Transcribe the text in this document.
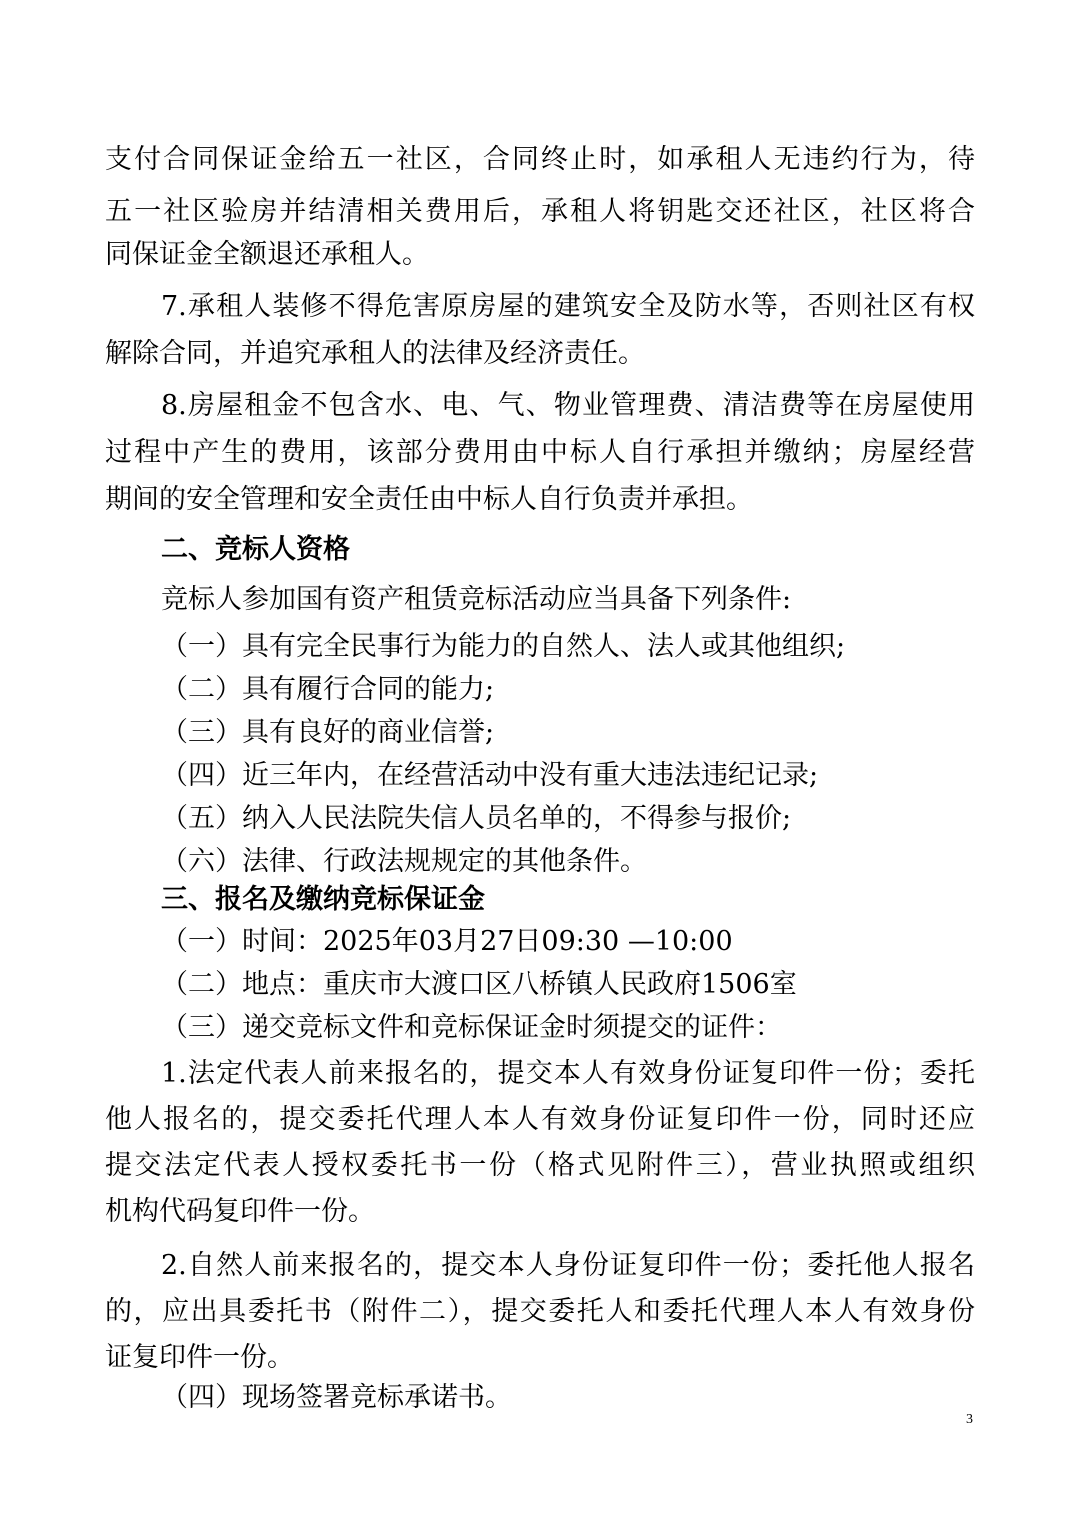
支付合同保证金给五一社区，合同终止时，如承租人无违约行为，待
五一社区验房并结清相关费用后，承租人将钥匙交还社区，社区将合
同保证金全额退还承租人。
7.承租人装修不得危害原房屋的建筑安全及防水等，否则社区有权
解除合同，并追究承租人的法律及经济责任。
8.房屋租金不包含水、电、气、物业管理费、清洁费等在房屋使用
过程中产生的费用，该部分费用由中标人自行承担并缴纳；房屋经营
期间的安全管理和安全责任由中标人自行负责并承担。
二、竞标人资格
竞标人参加国有资产租赁竞标活动应当具备下列条件:
（一）具有完全民事行为能力的自然人、法人或其他组织;
（二）具有履行合同的能力;
（三）具有良好的商业信誉;
（四）近三年内，在经营活动中没有重大违法违纪记录;
（五）纳入人民法院失信人员名单的，不得参与报价;
（六）法律、行政法规规定的其他条件。
三、报名及缴纳竞标保证金
（一）时间：2025年03月27日09:30 —10:00
（二）地点：重庆市大渡口区八桥镇人民政府1506室
（三）递交竞标文件和竞标保证金时须提交的证件：
1.法定代表人前来报名的，提交本人有效身份证复印件一份；委托
他人报名的，提交委托代理人本人有效身份证复印件一份，同时还应
提交法定代表人授权委托书一份（格式见附件三），营业执照或组织
机构代码复印件一份。
2.自然人前来报名的，提交本人身份证复印件一份；委托他人报名
的，应出具委托书（附件二），提交委托人和委托代理人本人有效身份
证复印件一份。
（四）现场签署竞标承诺书。
3
